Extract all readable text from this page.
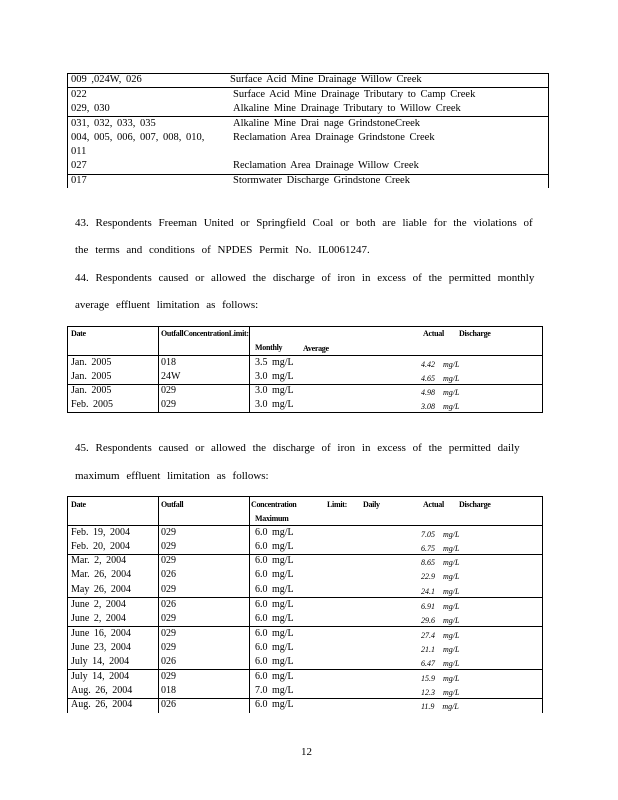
009 ,024W, 026	Surface Acid Mine Drainage Willow Creek
022	Surface Acid Mine Drainage Tributary to Camp Creek
029, 030	Alkaline Mine Drainage Tributary to Willow Creek
031, 032, 033, 035	Alkaline Mine Drai nage GrindstoneCreek
004, 005, 006, 007, 008, 010,	Reclamation Area Drainage Grindstone Creek
011
027	Reclamation Area Drainage Willow Creek
017	Stormwater Discharge Grindstone Creek
43. Respondents Freeman United or Springfield Coal or both are liable for the violations of
the terms and conditions of NPDES Permit No. IL0061247.
44. Respondents caused or allowed the discharge of iron in excess of the permitted monthly
average effluent limitation as follows:
Date	OutfallConcentrationLimit:
Monthly	Average
Actual Discharge
Jan. 2005	018	3.5 mg/L	4.42 mg/L
Jan. 2005	24W	3.0 mg/L	4.65 mg/L
Jan. 2005	029	3.0 mg/L	4.98 mg/L
Feb. 2005	029	3.0 mg/L	3.08 mg/L
45. Respondents caused or allowed the discharge of iron in excess of the permitted daily
maximum effluent limitation as follows:
Date	Outfall	Concentration	Limit: Daily
Maximum
Actual Discharge
Feb. 19, 2004	029	6.0 mg/L	7.05 mg/L
Feb. 20, 2004	029	6.0 mg/L	6.75 mg/L
Mar. 2, 2004	029	6.0 mg/L	8.65 mg/L
Mar. 26, 2004	026	6.0 mg/L	22.9 mg/L
May 26, 2004	029	6.0 mg/L	24.1 mg/L
June 2, 2004	026	6.0 mg/L	6.91 mg/L
June 2, 2004	029	6.0 mg/L	29.6 mg/L
June 16, 2004	029	6.0 mg/L	27.4 mg/L
June 23, 2004	029	6.0 mg/L	21.1 mg/L
July 14, 2004	026	6.0 mg/L	6.47 mg/L
July 14, 2004	029	6.0 mg/L	15.9 mg/L
Aug. 26, 2004	018	7.0 mg/L	12.3 mg/L
Aug. 26, 2004	026	6.0 mg/L	11.9 mg/L
12
